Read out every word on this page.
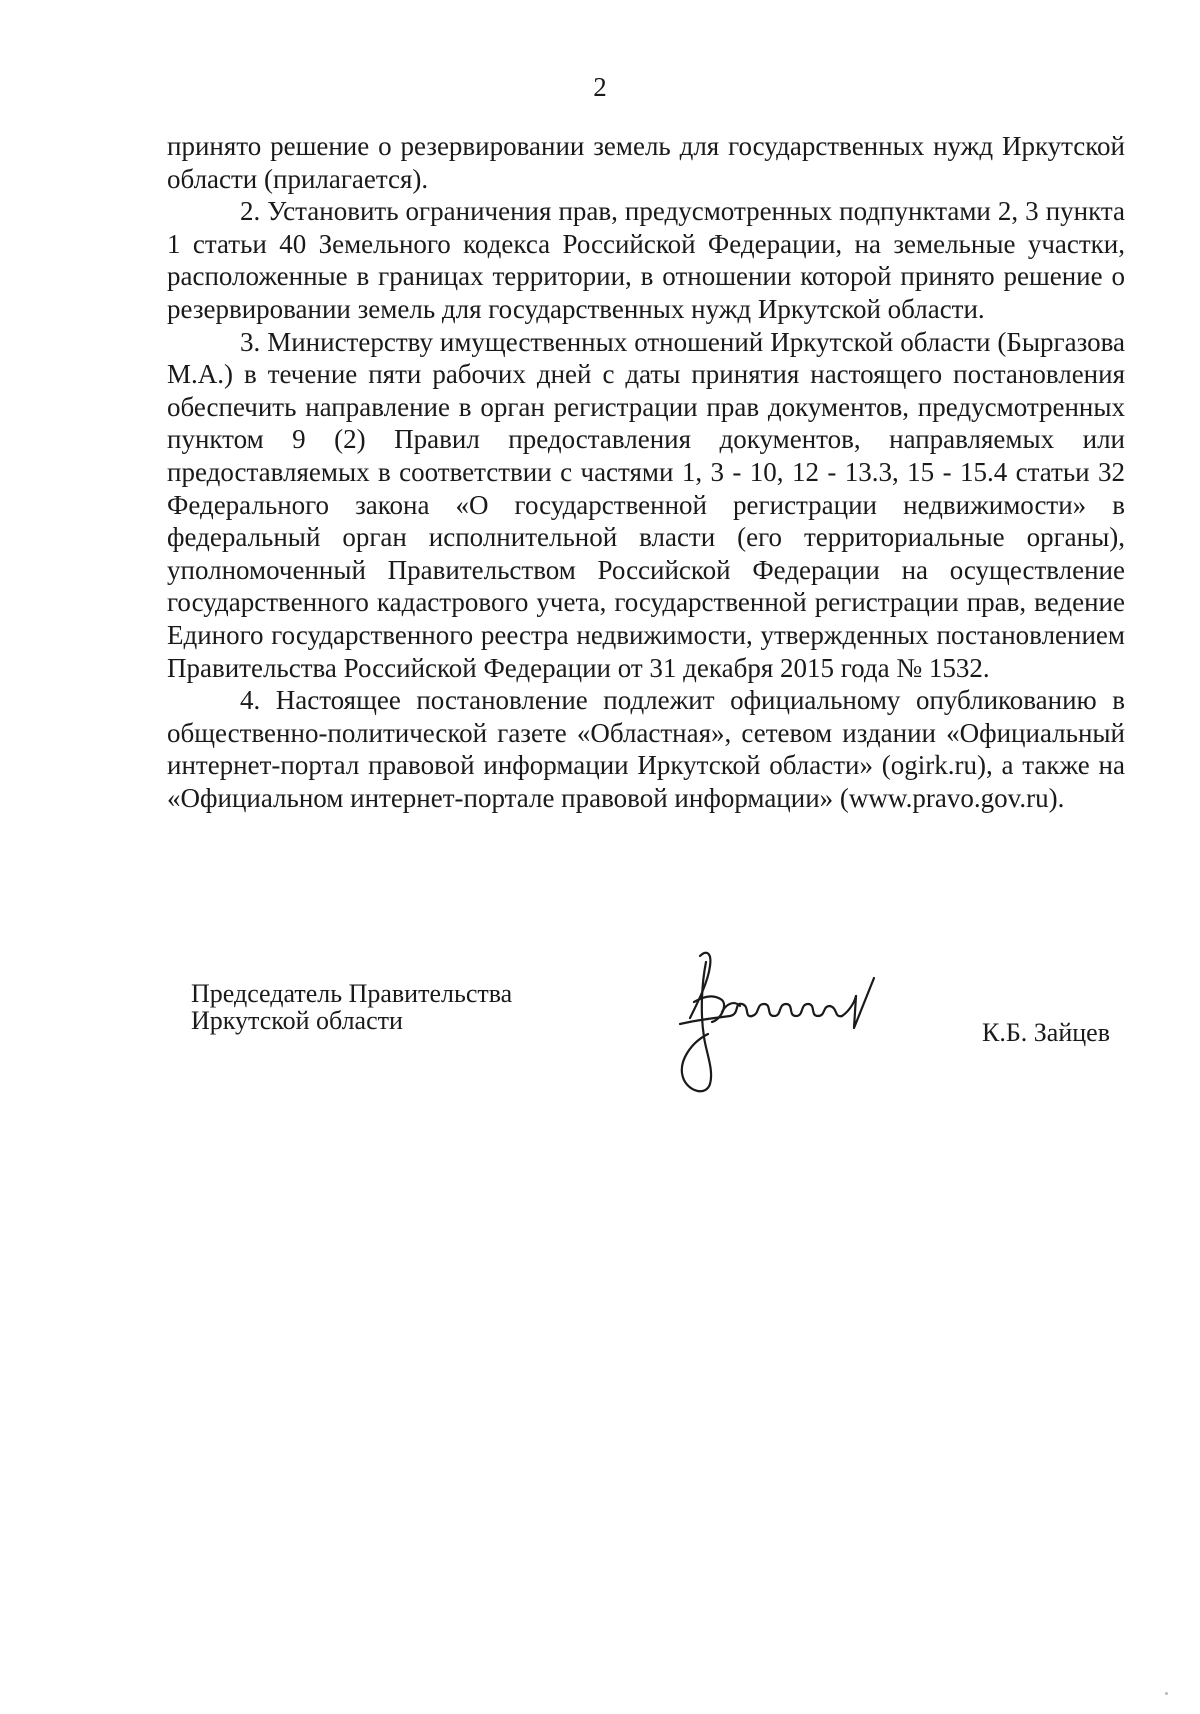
2

принято решение о резервировании земель для государственных нужд Иркутской области (прилагается).

2. Установить ограничения прав, предусмотренных подпунктами 2, 3 пункта 1 статьи 40 Земельного кодекса Российской Федерации, на земельные участки, расположенные в границах территории, в отношении которой принято решение о резервировании земель для государственных нужд Иркутской области.

3. Министерству имущественных отношений Иркутской области (Быргазова М.А.) в течение пяти рабочих дней с даты принятия настоящего постановления обеспечить направление в орган регистрации прав документов, предусмотренных пунктом 9 (2) Правил предоставления документов, направляемых или предоставляемых в соответствии с частями 1, 3 - 10, 12 - 13.3, 15 - 15.4 статьи 32 Федерального закона «О государственной регистрации недвижимости» в федеральный орган исполнительной власти (его территориальные органы), уполномоченный Правительством Российской Федерации на осуществление государственного кадастрового учета, государственной регистрации прав, ведение Единого государственного реестра недвижимости, утвержденных постановлением Правительства Российской Федерации от 31 декабря 2015 года № 1532.

4. Настоящее постановление подлежит официальному опубликованию в общественно-политической газете «Областная», сетевом издании «Официальный интернет-портал правовой информации Иркутской области» (ogirk.ru), а также на «Официальном интернет-портале правовой информации» (www.pravo.gov.ru).

Председатель Правительства
Иркутской области	К.Б. Зайцев
